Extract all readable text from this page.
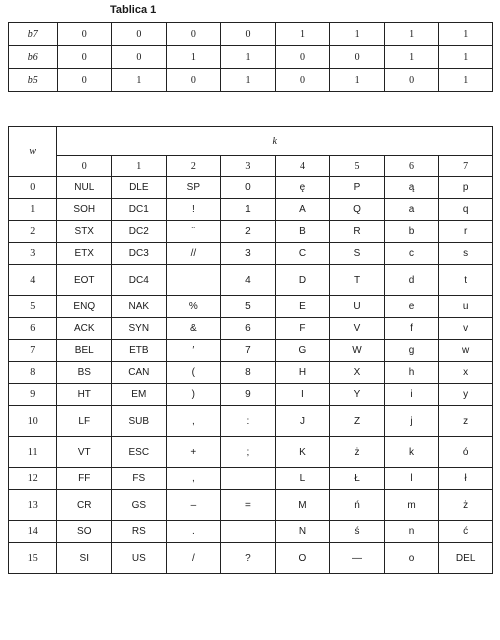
Tablica 1
b7	0	0	0	0	1	1	1	1
b6	0	0	1	1	0	0	1	1
b5	0	1	0	1	0	1	0	1
w	k							
	0	1	2	3	4	5	6	7
0	NUL	DLE	SP	0	ę	P	ą	p
1	SOH	DC1	!	1	A	Q	a	q
2	STX	DC2	¨	2	B	R	b	r
3	ETX	DC3	//	3	C	S	c	s
4	EOT	DC4		4	D	T	d	t
5	ENQ	NAK	%	5	E	U	e	u
6	ACK	SYN	&	6	F	V	f	v
7	BEL	ETB	′	7	G	W	g	w
8	BS	CAN	(	8	H	X	h	x
9	HT	EM	)	9	I	Y	i	y
10	LF	SUB	,	:	J	Z	j	z
11	VT	ESC	+	;	K	ż	k	ó
12	FF	FS	,		L	Ł	l	ł
13	CR	GS	–	=	M	ń	m	ż
14	SO	RS	.		N	ś	n	ć
15	SI	US	/	?	O	—	o	DEL
